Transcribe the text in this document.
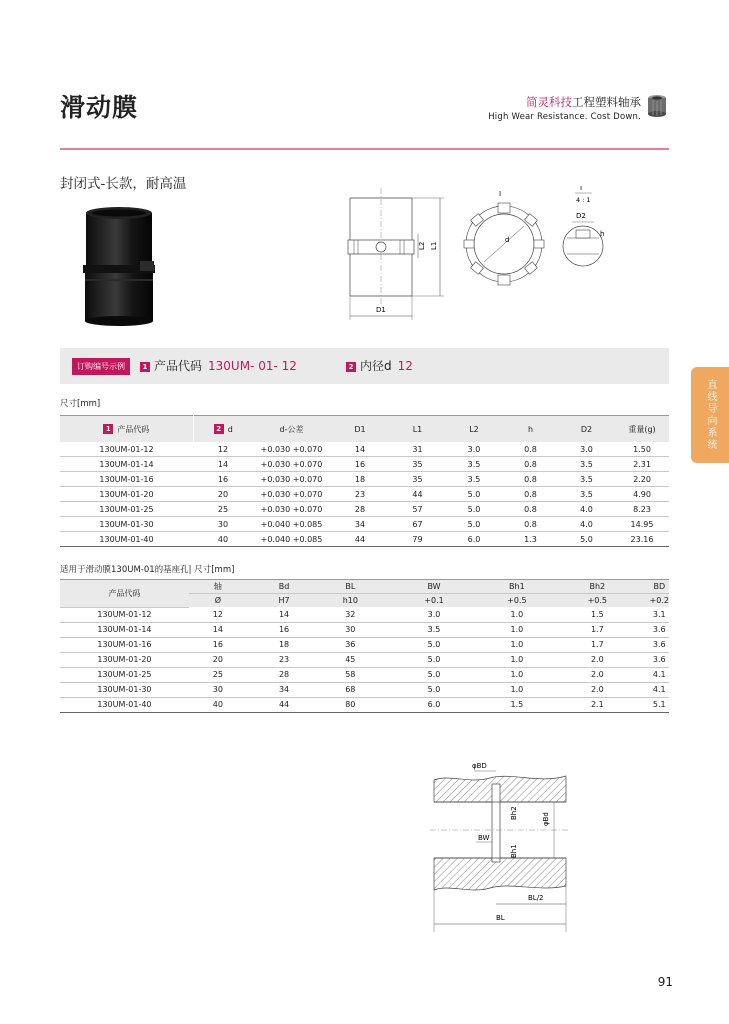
滑动膜	简灵科技工程塑料轴承
High Wear Resistance. Cost Down.
封闭式-长款，耐高温
L2 L1
D1
d
I
I
4 : 1
D2
h
订购编号示例	1 产品代码 130UM- 01- 12	2 内径d 12
尺寸[mm]
1 产品代码	2 d	d-公差	D1	L1	L2	h	D2	重量(g)
130UM-01-12	12	+0.030 +0.070	14	31	3.0	0.8	3.0	1.50
130UM-01-14	14	+0.030 +0.070	16	35	3.5	0.8	3.5	2.31
130UM-01-16	16	+0.030 +0.070	18	35	3.5	0.8	3.5	2.20
130UM-01-20	20	+0.030 +0.070	23	44	5.0	0.8	3.5	4.90
130UM-01-25	25	+0.030 +0.070	28	57	5.0	0.8	4.0	8.23
130UM-01-30	30	+0.040 +0.085	34	67	5.0	0.8	4.0	14.95
130UM-01-40	40	+0.040 +0.085	44	79	6.0	1.3	5.0	23.16
适用于滑动膜130UM-01的基座孔| 尺寸[mm]
产品代码	轴	Bd	BL	BW	Bh1	Bh2	BD
	Ø	H7	h10	+0.1	+0.5	+0.5	+0.2
130UM-01-12	12	14	32	3.0	1.0	1.5	3.1
130UM-01-14	14	16	30	3.5	1.0	1.7	3.6
130UM-01-16	16	18	36	5.0	1.0	1.7	3.6
130UM-01-20	20	23	45	5.0	1.0	2.0	3.6
130UM-01-25	25	28	58	5.0	1.0	2.0	4.1
130UM-01-30	30	34	68	5.0	1.0	2.0	4.1
130UM-01-40	40	44	80	6.0	1.5	2.1	5.1
直线导向系统
φBD
Bh2	φBd
BW
Bh1
BL/2
BL
91
